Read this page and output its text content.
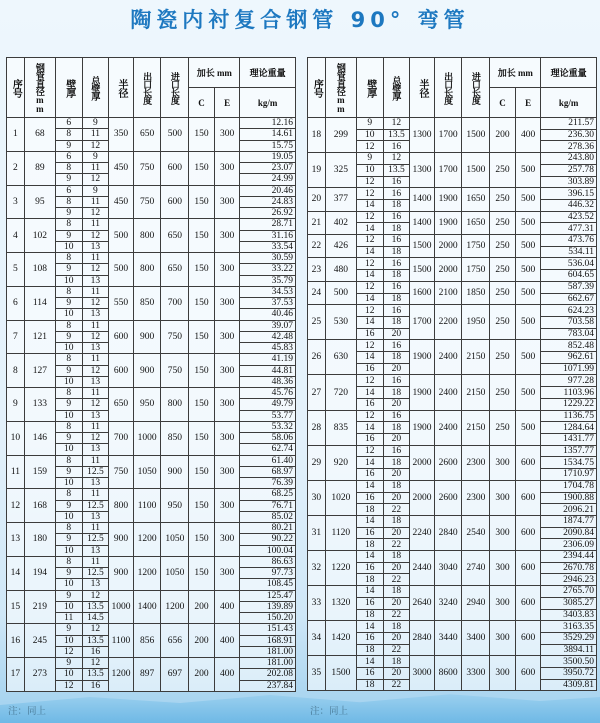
陶瓷内衬复合钢管 90° 弯管
序号	钢管直径mm	壁厚	总壁厚	半径	出口长度	进口长度	加长 mm		理论重量
							C	E	kg/m
1	68	6	9	350	650	500	150	300	12.16
		8	11						14.61
		9	12						15.75
2	89	6	9	450	750	600	150	300	19.05
		8	11						23.07
		9	12						24.99
3	95	6	9	450	750	600	150	300	20.46
		8	11						24.83
		9	12						26.92
4	102	8	11	500	800	650	150	300	28.71
		9	12						31.16
		10	13						33.54
5	108	8	11	500	800	650	150	300	30.59
		9	12						33.22
		10	13						35.79
6	114	8	11	550	850	700	150	300	34.53
		9	12						37.53
		10	13						40.46
7	121	8	11	600	900	750	150	300	39.07
		9	12						42.48
		10	13						45.83
8	127	8	11	600	900	750	150	300	41.19
		9	12						44.81
		10	13						48.36
9	133	8	11	650	950	800	150	300	45.76
		9	12						49.79
		10	13						53.77
10	146	8	11	700	1000	850	150	300	53.32
		9	12						58.06
		10	13						62.74
11	159	8	11	750	1050	900	150	300	61.40
		9	12.5						68.97
		10	13						76.39
12	168	8	11	800	1100	950	150	300	68.25
		9	12.5						76.71
		10	13						85.02
13	180	8	11	900	1200	1050	150	300	80.21
		9	12.5						90.22
		10	13						100.04
14	194	8	11	900	1200	1050	150	300	86.63
		9	12.5						97.73
		10	13						108.45
15	219	9	12	1000	1400	1200	200	400	125.47
		10	13.5						139.89
		11	14.5						150.20
16	245	9	12	1100	856	656	200	400	151.43
		10	13.5						168.91
		12	16						181.00
17	273	9	12	1200	897	697	200	400	181.00
		10	13.5						202.08
		12	16						237.84
序号	钢管直径mm	壁厚	总壁厚	半径	出口长度	进口长度	加长 mm		理论重量
							C	E	kg/m
18	299	9	12	1300	1700	1500	200	400	211.57
		10	13.5						236.30
		12	16						278.36
19	325	9	12	1300	1700	1500	250	500	243.80
		10	13.5						257.78
		12	16						303.89
20	377	12	16	1400	1900	1650	250	500	396.15
		14	18						446.32
21	402	12	16	1400	1900	1650	250	500	423.52
		14	18						477.31
22	426	12	16	1500	2000	1750	250	500	473.76
		14	18						534.11
23	480	12	16	1500	2000	1750	250	500	536.04
		14	18						604.65
24	500	12	16	1600	2100	1850	250	500	587.39
		14	18						662.67
25	530	12	16	1700	2200	1950	250	500	624.23
		14	18						703.58
		16	20						783.04
26	630	12	16	1900	2400	2150	250	500	852.48
		14	18						962.61
		16	20						1071.99
27	720	12	16	1900	2400	2150	250	500	977.28
		14	18						1103.96
		16	20						1229.22
28	835	12	16	1900	2400	2150	250	500	1136.75
		14	18						1284.64
		16	20						1431.77
29	920	12	16	2000	2600	2300	300	600	1357.77
		14	18						1534.75
		16	20						1710.97
30	1020	14	18	2000	2600	2300	300	600	1704.78
		16	20						1900.88
		18	22						2096.21
31	1120	14	18	2240	2840	2540	300	600	1874.77
		16	20						2090.84
		18	22						2306.09
32	1220	14	18	2440	3040	2740	300	600	2394.44
		16	20						2670.78
		18	22						2946.23
33	1320	14	18	2640	3240	2940	300	600	2765.70
		16	20						3085.27
		18	22						3403.83
34	1420	14	18	2840	3440	3400	300	600	3163.35
		16	20						3529.29
		18	22						3894.11
35	1500	14	18	3000	8600	3300	300	600	3500.50
		16	20						3950.72
		18	22						4309.81
